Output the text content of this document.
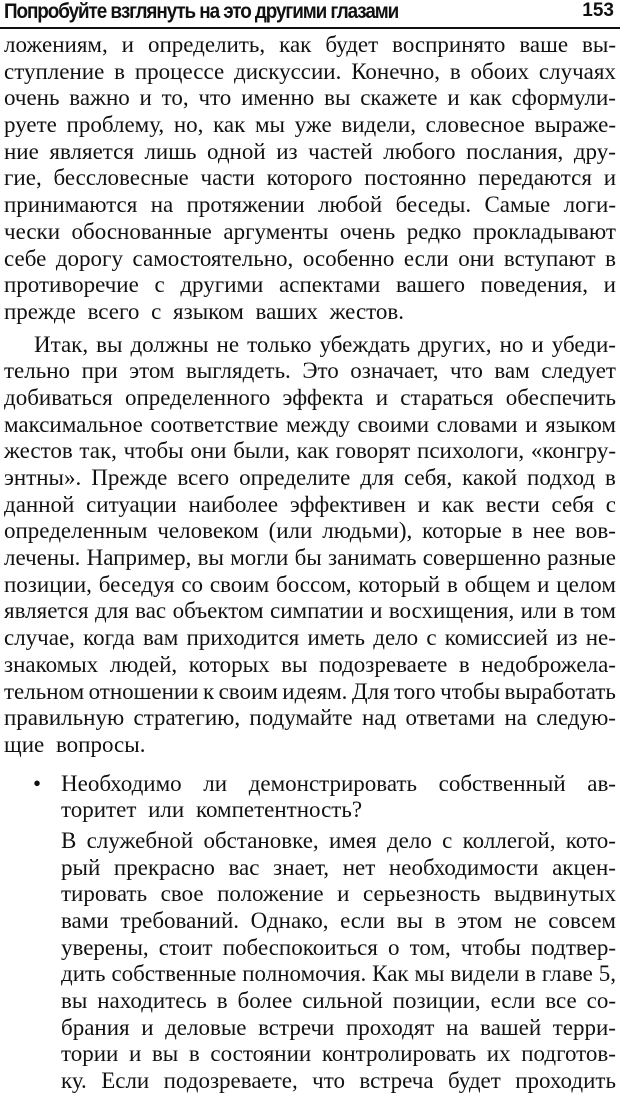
Попробуйте взглянуть на это другими глазами	153
ложениям, и определить, как будет воспринято ваше вы-
ступление в процессе дискуссии. Конечно, в обоих случаях
очень важно и то, что именно вы скажете и как сформули-
руете проблему, но, как мы уже видели, словесное выраже-
ние является лишь одной из частей любого послания, дру-
гие, бессловесные части которого постоянно передаются и
принимаются на протяжении любой беседы. Самые логи-
чески обоснованные аргументы очень редко прокладывают
себе дорогу самостоятельно, особенно если они вступают в
противоречие с другими аспектами вашего поведения, и
прежде всего с языком ваших жестов.
Итак, вы должны не только убеждать других, но и убеди-
тельно при этом выглядеть. Это означает, что вам следует
добиваться определенного эффекта и стараться обеспечить
максимальное соответствие между своими словами и языком
жестов так, чтобы они были, как говорят психологи, «конгру-
энтны». Прежде всего определите для себя, какой подход в
данной ситуации наиболее эффективен и как вести себя с
определенным человеком (или людьми), которые в нее вов-
лечены. Например, вы могли бы занимать совершенно разные
позиции, беседуя со своим боссом, который в общем и целом
является для вас объектом симпатии и восхищения, или в том
случае, когда вам приходится иметь дело с комиссией из не-
знакомых людей, которых вы подозреваете в недоброжела-
тельном отношении к своим идеям. Для того чтобы выработать
правильную стратегию, подумайте над ответами на следую-
щие вопросы.
• Необходимо ли демонстрировать собственный ав-
торитет или компетентность?
В служебной обстановке, имея дело с коллегой, кото-
рый прекрасно вас знает, нет необходимости акцен-
тировать свое положение и серьезность выдвинутых
вами требований. Однако, если вы в этом не совсем
уверены, стоит побеспокоиться о том, чтобы подтвер-
дить собственные полномочия. Как мы видели в главе 5,
вы находитесь в более сильной позиции, если все со-
брания и деловые встречи проходят на вашей терри-
тории и вы в состоянии контролировать их подготов-
ку. Если подозреваете, что встреча будет проходить
